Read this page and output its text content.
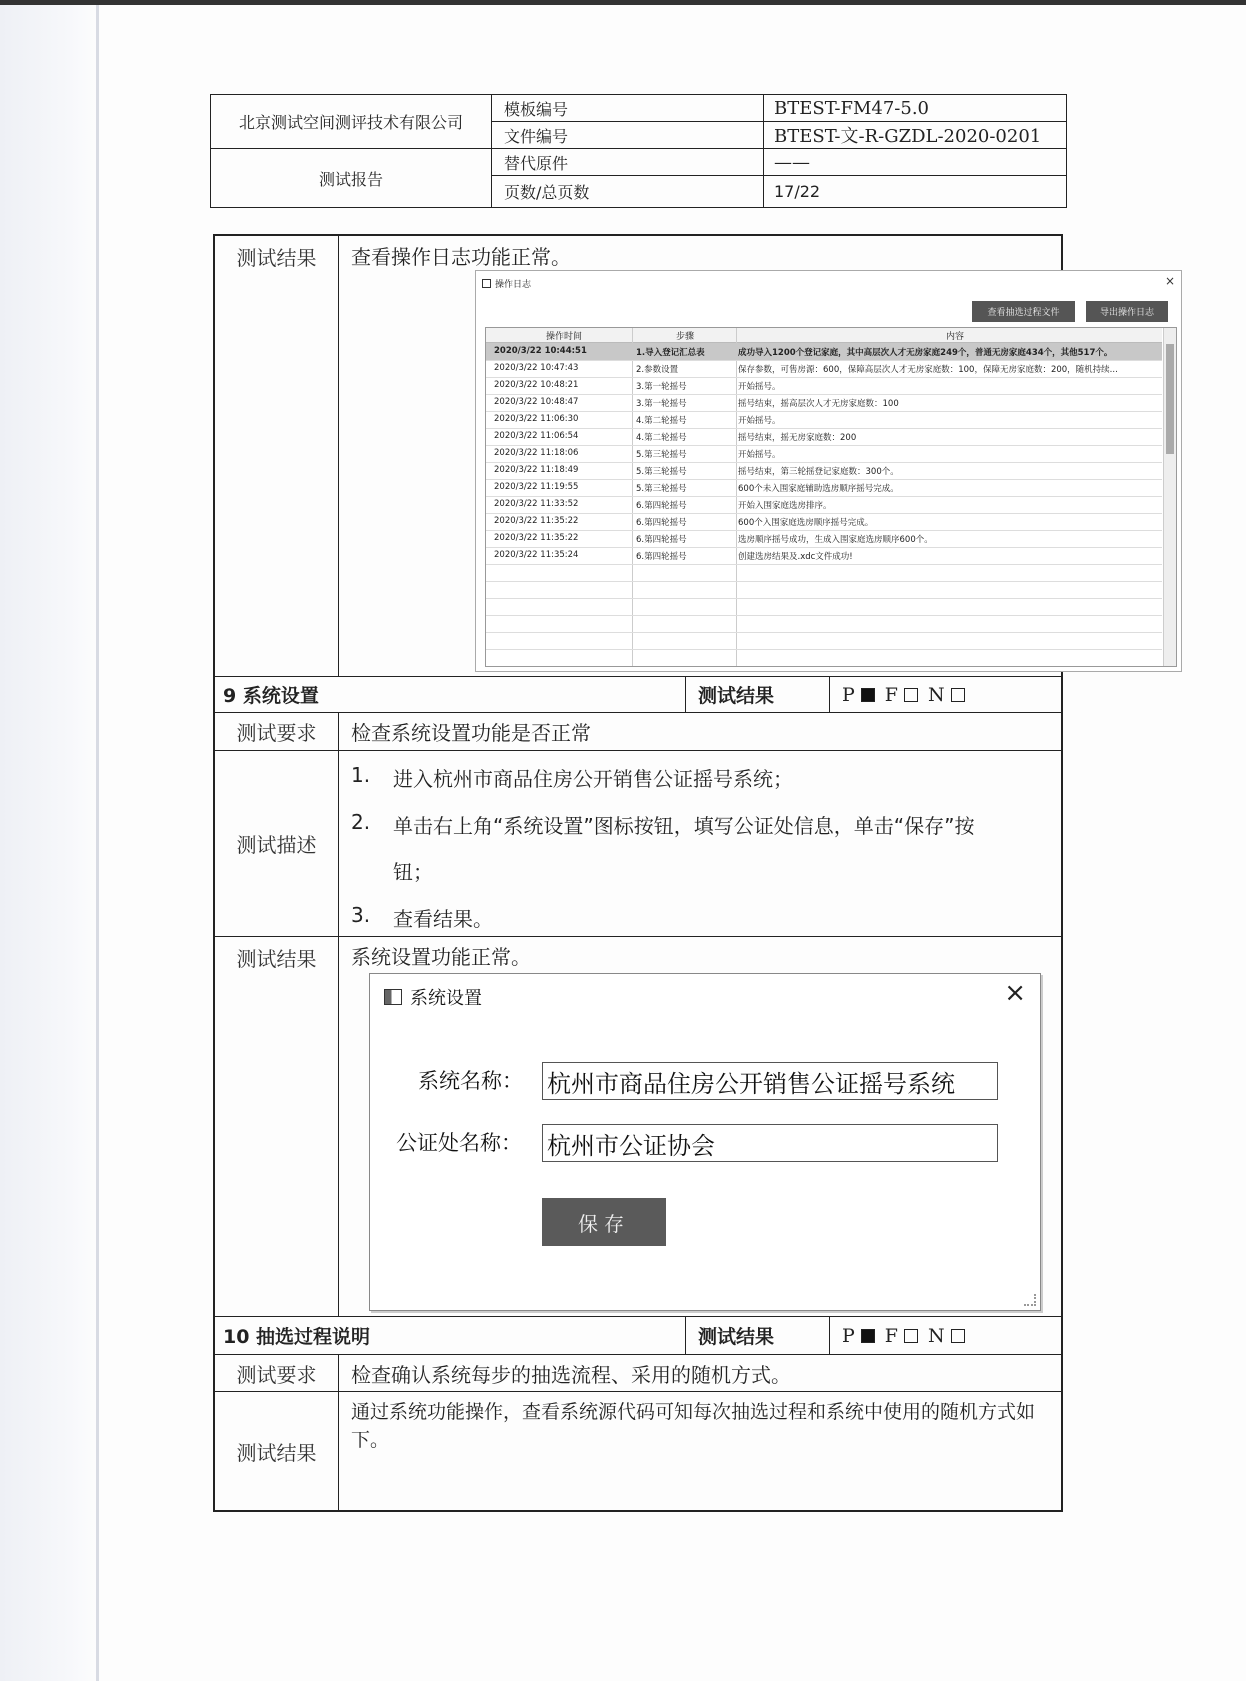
北京测试空间测评技术有限公司
测试报告
模板编号	BTEST-FM47-5.0
文件编号	BTEST-文-R-GZDL-2020-0201
替代原件	——
页数/总页数	17/22
测试结果	查看操作日志功能正常。
操作日志	×
查看抽选过程文件	导出操作日志
操作时间	步骤	内容
2020/3/22 10:44:51	1.导入登记汇总表	成功导入1200个登记家庭，其中高层次人才无房家庭249个，普通无房家庭434个，其他517个。
2020/3/22 10:47:43	2.参数设置	保存参数，可售房源：600，保障高层次人才无房家庭数：100，保障无房家庭数：200，随机持续...
2020/3/22 10:48:21	3.第一轮摇号	开始摇号。
2020/3/22 10:48:47	3.第一轮摇号	摇号结束，摇高层次人才无房家庭数：100
2020/3/22 11:06:30	4.第二轮摇号	开始摇号。
2020/3/22 11:06:54	4.第二轮摇号	摇号结束，摇无房家庭数：200
2020/3/22 11:18:06	5.第三轮摇号	开始摇号。
2020/3/22 11:18:49	5.第三轮摇号	摇号结束，第三轮摇登记家庭数：300个。
2020/3/22 11:19:55	5.第三轮摇号	600个未入围家庭辅助选房顺序摇号完成。
2020/3/22 11:33:52	6.第四轮摇号	开始入围家庭选房排序。
2020/3/22 11:35:22	6.第四轮摇号	600个入围家庭选房顺序摇号完成。
2020/3/22 11:35:22	6.第四轮摇号	选房顺序摇号成功，生成入围家庭选房顺序600个。
2020/3/22 11:35:24	6.第四轮摇号	创建选房结果及.xdc文件成功!
9 系统设置	测试结果	P F N
测试要求	检查系统设置功能是否正常
测试描述
1. 进入杭州市商品住房公开销售公证摇号系统；
2. 单击右上角“系统设置”图标按钮，填写公证处信息，单击“保存”按
钮；
3. 查看结果。
测试结果	系统设置功能正常。
系统设置	×
系统名称： 杭州市商品住房公开销售公证摇号系统
公证处名称： 杭州市公证协会
保存
10 抽选过程说明	测试结果	P F N
测试要求	检查确认系统每步的抽选流程、采用的随机方式。
测试结果
通过系统功能操作，查看系统源代码可知每次抽选过程和系统中使用的随机方式如下。
